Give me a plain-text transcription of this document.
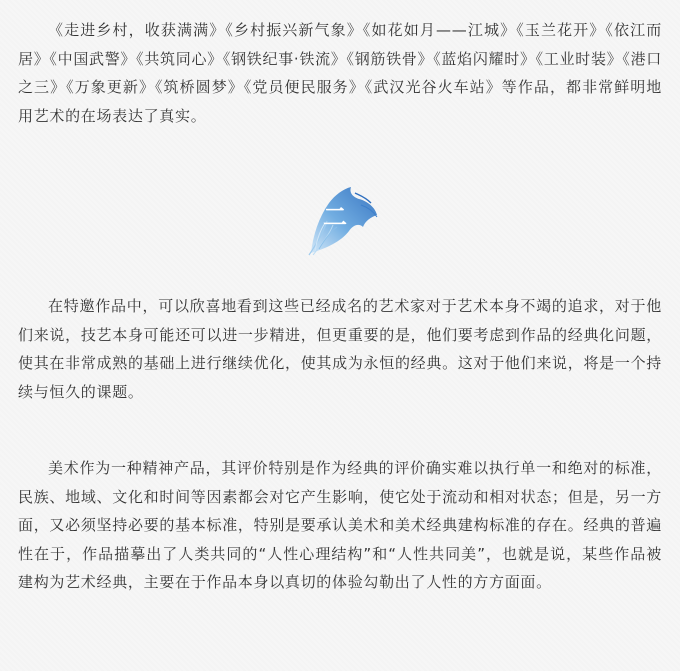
《走进乡村，收获满满》《乡村振兴新气象》《如花如月——江城》《玉兰花开》《依江而居》《中国武警》《共筑同心》《钢铁纪事·铁流》《钢筋铁骨》《蓝焰闪耀时》《工业时装》《港口之三》《万象更新》《筑桥圆梦》《党员便民服务》《武汉光谷火车站》等作品，都非常鲜明地用艺术的在场表达了真实。

二

在特邀作品中，可以欣喜地看到这些已经成名的艺术家对于艺术本身不竭的追求，对于他们来说，技艺本身可能还可以进一步精进，但更重要的是，他们要考虑到作品的经典化问题，使其在非常成熟的基础上进行继续优化，使其成为永恒的经典。这对于他们来说，将是一个持续与恒久的课题。

美术作为一种精神产品，其评价特别是作为经典的评价确实难以执行单一和绝对的标准，民族、地域、文化和时间等因素都会对它产生影响，使它处于流动和相对状态；但是，另一方面，又必须坚持必要的基本标准，特别是要承认美术和美术经典建构标准的存在。经典的普遍性在于，作品描摹出了人类共同的“人性心理结构”和“人性共同美”，也就是说，某些作品被建构为艺术经典，主要在于作品本身以真切的体验勾勒出了人性的方方面面。
